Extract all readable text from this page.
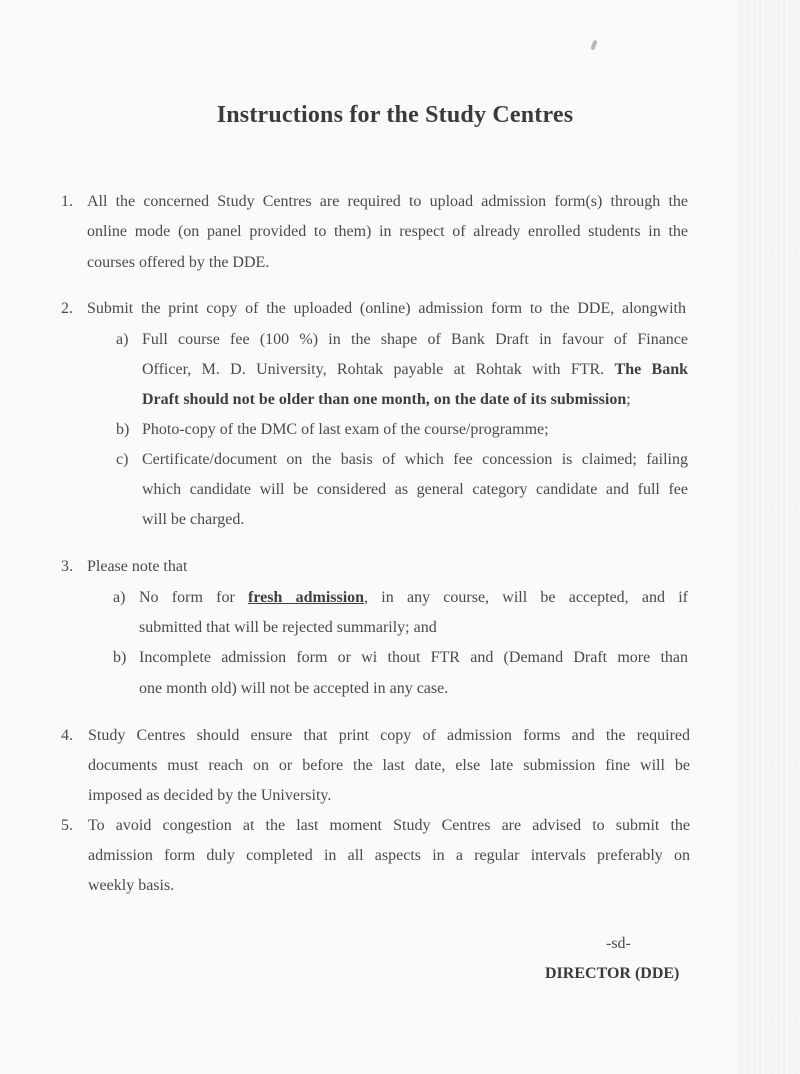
Instructions for the Study Centres
1. All the concerned Study Centres are required to upload admission form(s) through the
online mode (on panel provided to them) in respect of already enrolled students in the
courses offered by the DDE.
2. Submit the print copy of the uploaded (online) admission form to the DDE, alongwith
a) Full course fee (100 %) in the shape of Bank Draft in favour of Finance
Officer, M. D. University, Rohtak payable at Rohtak with FTR. The Bank
Draft should not be older than one month, on the date of its submission;
b) Photo-copy of the DMC of last exam of the course/programme;
c) Certificate/document on the basis of which fee concession is claimed; failing
which candidate will be considered as general category candidate and full fee
will be charged.
3. Please note that
a) No form for fresh admission, in any course, will be accepted, and if
submitted that will be rejected summarily; and
b) Incomplete admission form or wi thout FTR and (Demand Draft more than
one month old) will not be accepted in any case.
4. Study Centres should ensure that print copy of admission forms and the required
documents must reach on or before the last date, else late submission fine will be
imposed as decided by the University.
5. To avoid congestion at the last moment Study Centres are advised to submit the
admission form duly completed in all aspects in a regular intervals preferably on
weekly basis.
-sd-
DIRECTOR (DDE)
